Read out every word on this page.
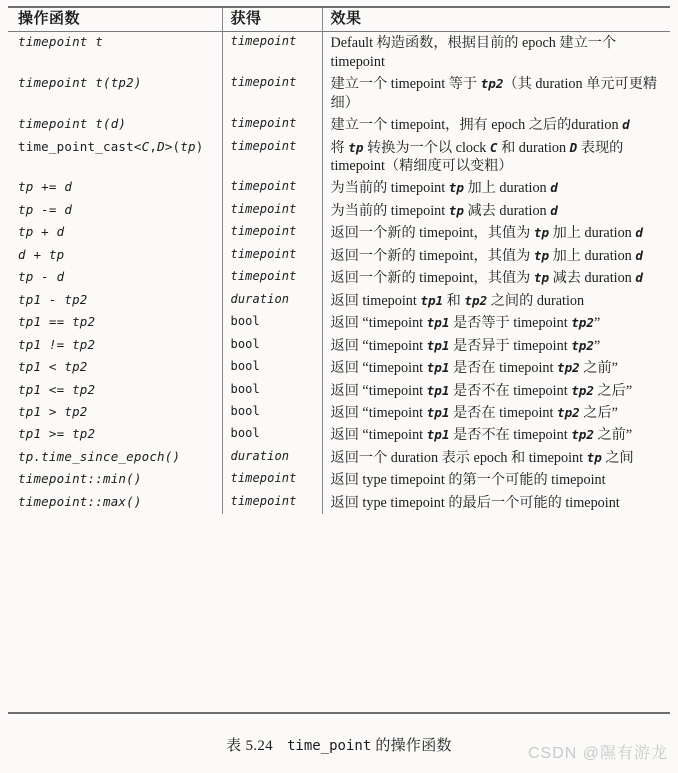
操作函数	获得	效果
timepoint t	timepoint	Default 构造函数，根据目前的 epoch 建立一个 timepoint
timepoint t(tp2)	timepoint	建立一个 timepoint 等于 tp2（其 duration 单元可更精细）
timepoint t(d)	timepoint	建立一个 timepoint，拥有 epoch 之后的duration d
time_point_cast<C,D>(tp)	timepoint	将 tp 转换为一个以 clock C 和 duration D 表现的 timepoint（精细度可以变粗）
tp += d	timepoint	为当前的 timepoint tp 加上 duration d
tp -= d	timepoint	为当前的 timepoint tp 减去 duration d
tp + d	timepoint	返回一个新的 timepoint，其值为 tp 加上 duration d
d + tp	timepoint	返回一个新的 timepoint，其值为 tp 加上 duration d
tp - d	timepoint	返回一个新的 timepoint，其值为 tp 减去 duration d
tp1 - tp2	duration	返回 timepoint tp1 和 tp2 之间的 duration
tp1 == tp2	bool	返回 “timepoint tp1 是否等于 timepoint tp2”
tp1 != tp2	bool	返回 “timepoint tp1 是否异于 timepoint tp2”
tp1 < tp2	bool	返回 “timepoint tp1 是否在 timepoint tp2 之前”
tp1 <= tp2	bool	返回 “timepoint tp1 是否不在 timepoint tp2 之后”
tp1 > tp2	bool	返回 “timepoint tp1 是否在 timepoint tp2 之后”
tp1 >= tp2	bool	返回 “timepoint tp1 是否不在 timepoint tp2 之前”
tp.time_since_epoch()	duration	返回一个 duration 表示 epoch 和 timepoint tp 之间
timepoint::min()	timepoint	返回 type timepoint 的第一个可能的 timepoint
timepoint::max()	timepoint	返回 type timepoint 的最后一个可能的 timepoint
表 5.24 time_point 的操作函数	CSDN @隰有游龙
